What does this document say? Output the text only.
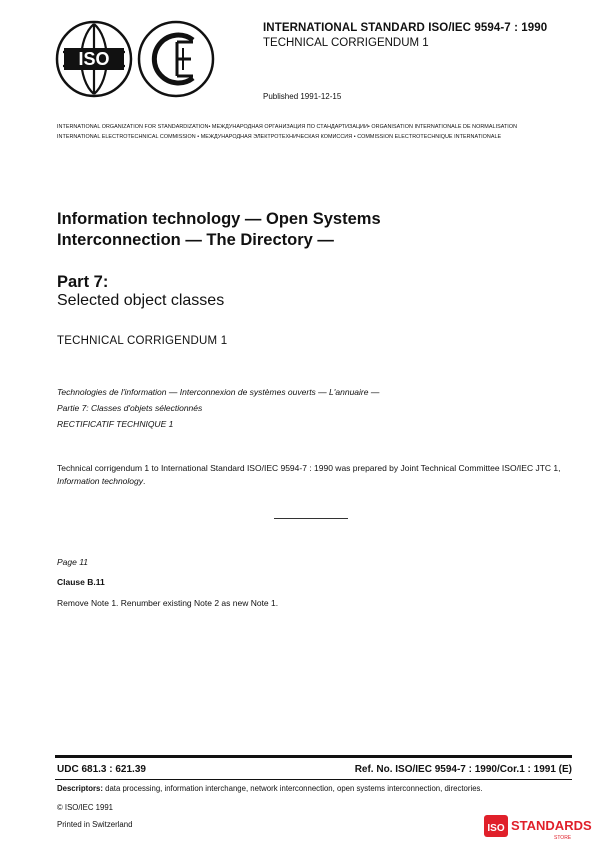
ISO
INTERNATIONAL STANDARD ISO/IEC 9594-7 : 1990
TECHNICAL CORRIGENDUM 1
Published 1991-12-15
INTERNATIONAL ORGANIZATION FOR STANDARDIZATION• МЕЖДУНАРОДНАЯ ОРГАНИЗАЦИЯ ПО СТАНДАРТИЗАЦИИ• ORGANISATION INTERNATIONALE DE NORMALISATION
INTERNATIONAL ELECTROTECHNICAL COMMISSION • МЕЖДУНАРОДНАЯ ЭЛЕКТРОТЕХНИЧЕСКАЯ КОМИССИЯ • COMMISSION ELECTROTECHNIQUE INTERNATIONALE
Information technology — Open Systems
Interconnection — The Directory —
Part 7:
Selected object classes
TECHNICAL CORRIGENDUM 1
Technologies de l'information — Interconnexion de systèmes ouverts — L'annuaire —
Partie 7: Classes d'objets sélectionnés
RECTIFICATIF TECHNIQUE 1
Technical corrigendum 1 to International Standard ISO/IEC 9594-7 : 1990 was prepared by Joint Technical Committee ISO/IEC JTC 1, Information technology.
Page 11
Clause B.11
Remove Note 1. Renumber existing Note 2 as new Note 1.
UDC 681.3 : 621.39	Ref. No. ISO/IEC 9594-7 : 1990/Cor.1 : 1991 (E)
Descriptors: data processing, information interchange, network interconnection, open systems interconnection, directories.
© ISO/IEC 1991
Printed in Switzerland	ISO STANDARDS
STORE
